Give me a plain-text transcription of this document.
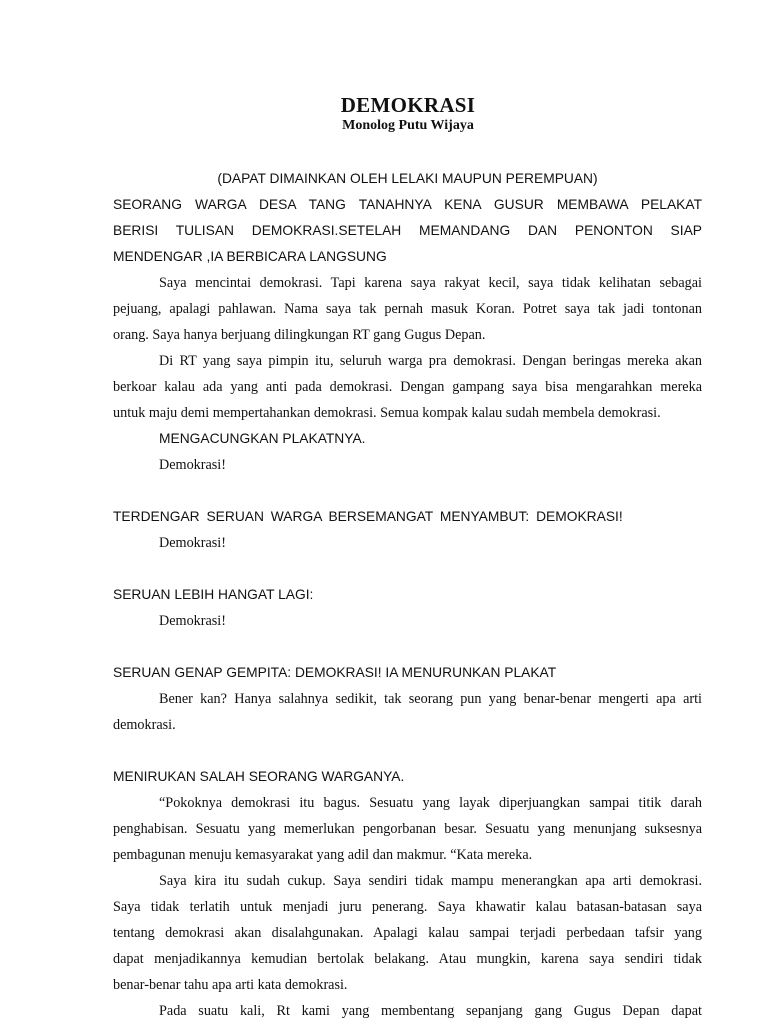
DEMOKRASI
Monolog Putu Wijaya
(DAPAT DIMAINKAN OLEH LELAKI MAUPUN PEREMPUAN)
SEORANG WARGA DESA TANG TANAHNYA KENA GUSUR MEMBAWA PELAKAT
BERISI TULISAN DEMOKRASI.SETELAH MEMANDANG DAN PENONTON SIAP
MENDENGAR ,IA BERBICARA LANGSUNG
Saya mencintai demokrasi. Tapi karena saya rakyat kecil, saya tidak kelihatan sebagai
pejuang, apalagi pahlawan. Nama saya tak pernah masuk Koran. Potret saya tak jadi tontonan
orang. Saya hanya berjuang dilingkungan RT gang Gugus Depan.
Di RT yang saya pimpin itu, seluruh warga pra demokrasi. Dengan beringas mereka akan
berkoar kalau ada yang anti pada demokrasi. Dengan gampang saya bisa mengarahkan mereka
untuk maju demi mempertahankan demokrasi. Semua kompak kalau sudah membela demokrasi.
MENGACUNGKAN PLAKATNYA.
Demokrasi!
TERDENGAR SERUAN WARGA BERSEMANGAT MENYAMBUT: DEMOKRASI!
Demokrasi!
SERUAN LEBIH HANGAT LAGI:
Demokrasi!
SERUAN GENAP GEMPITA: DEMOKRASI! IA MENURUNKAN PLAKAT
Bener kan? Hanya salahnya sedikit, tak seorang pun yang benar-benar mengerti apa arti
demokrasi.
MENIRUKAN SALAH SEORANG WARGANYA.
“Pokoknya demokrasi itu bagus. Sesuatu yang layak diperjuangkan sampai titik darah
penghabisan. Sesuatu yang memerlukan pengorbanan besar. Sesuatu yang menunjang suksesnya
pembagunan menuju kemasyarakat yang adil dan makmur. “Kata mereka.
Saya kira itu sudah cukup. Saya sendiri tidak mampu menerangkan apa arti demokrasi.
Saya tidak terlatih untuk menjadi juru penerang. Saya khawatir kalau batasan-batasan saya
tentang demokrasi akan disalahgunakan. Apalagi kalau sampai terjadi perbedaan tafsir yang
dapat menjadikannya kemudian bertolak belakang. Atau mungkin, karena saya sendiri tidak
benar-benar tahu apa arti kata demokrasi.
Pada suatu kali, Rt kami yang membentang sepanjang gang Gugus Depan dapat
